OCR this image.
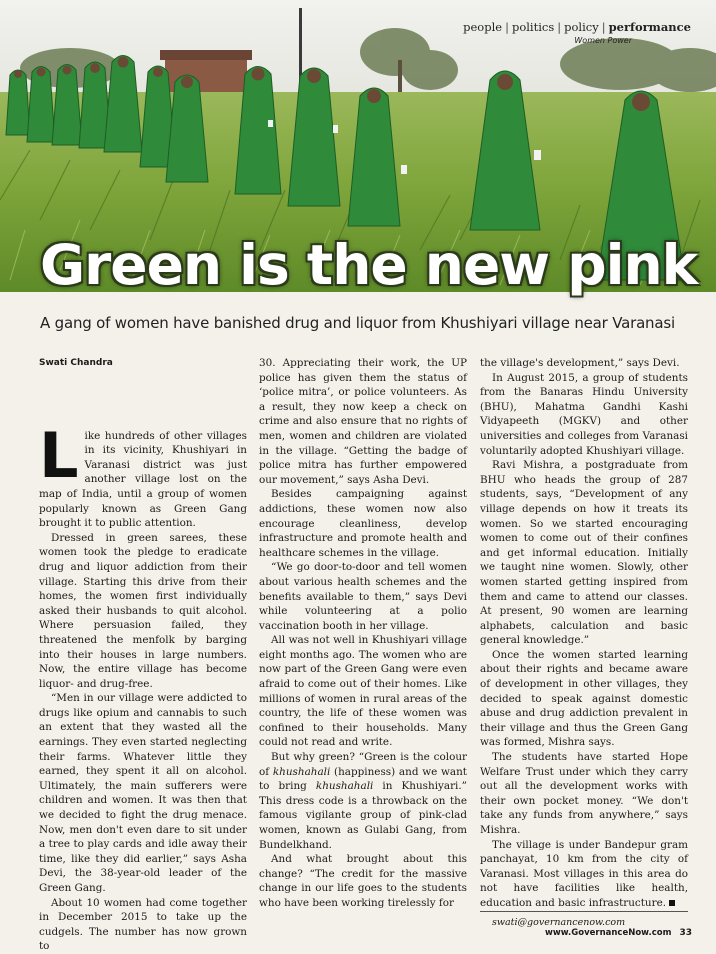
people | politics | policy | performance
Women Power
Green is the new pink
A gang of women have banished drug and liquor from Khushiyari village near Varanasi
Swati Chandra

Like hundreds of other villages in its vicinity, Khushiyari in Varanasi district was just another village lost on the map of India, until a group of women popularly known as Green Gang brought it to public attention.

Dressed in green sarees, these women took the pledge to eradicate drug and liquor addiction from their village. Starting this drive from their homes, the women first individually asked their husbands to quit alcohol. Where persuasion failed, they threatened the menfolk by barging into their houses in large numbers. Now, the entire village has become liquor- and drug-free.

“Men in our village were addicted to drugs like opium and cannabis to such an extent that they wasted all the earnings. They even started neglecting their farms. Whatever little they earned, they spent it all on alcohol. Ultimately, the main sufferers were children and women. It was then that we decided to fight the drug menace. Now, men don't even dare to sit under a tree to play cards and idle away their time, like they did earlier,” says Asha Devi, the 38-year-old leader of the Green Gang.

About 10 women had come together in December 2015 to take up the cudgels. The number has now grown to

30. Appreciating their work, the UP police has given them the status of ‘police mitra’, or police volunteers. As a result, they now keep a check on crime and also ensure that no rights of men, women and children are violated in the village. “Getting the badge of police mitra has further empowered our movement,” says Asha Devi.

Besides campaigning against addictions, these women now also encourage cleanliness, develop infrastructure and promote health and healthcare schemes in the village.

“We go door-to-door and tell women about various health schemes and the benefits available to them,” says Devi while volunteering at a polio vaccination booth in her village.

All was not well in Khushiyari village eight months ago. The women who are now part of the Green Gang were even afraid to come out of their homes. Like millions of women in rural areas of the country, the life of these women was confined to their households. Many could not read and write.

But why green? “Green is the colour of khushahali (happiness) and we want to bring khushahali in Khushiyari.” This dress code is a throwback on the famous vigilante group of pink-clad women, known as Gulabi Gang, from Bundelkhand.

And what brought about this change? “The credit for the massive change in our life goes to the students who have been working tirelessly for

the village's development,” says Devi.

In August 2015, a group of students from the Banaras Hindu University (BHU), Mahatma Gandhi Kashi Vidyapeeth (MGKV) and other universities and colleges from Varanasi voluntarily adopted Khushiyari village.

Ravi Mishra, a postgraduate from BHU who heads the group of 287 students, says, “Development of any village depends on how it treats its women. So we started encouraging women to come out of their confines and get informal education. Initially we taught nine women. Slowly, other women started getting inspired from them and came to attend our classes. At present, 90 women are learning alphabets, calculation and basic general knowledge.”

Once the women started learning about their rights and became aware of development in other villages, they decided to speak against domestic abuse and drug addiction prevalent in their village and thus the Green Gang was formed, Mishra says.

The students have started Hope Welfare Trust under which they carry out all the development works with their own pocket money. “We don't take any funds from anywhere,” says Mishra.

The village is under Bandepur gram panchayat, 10 km from the city of Varanasi. Most villages in this area do not have facilities like health, education and basic infrastructure.

swati@governancenow.com

www.GovernanceNow.com 33
